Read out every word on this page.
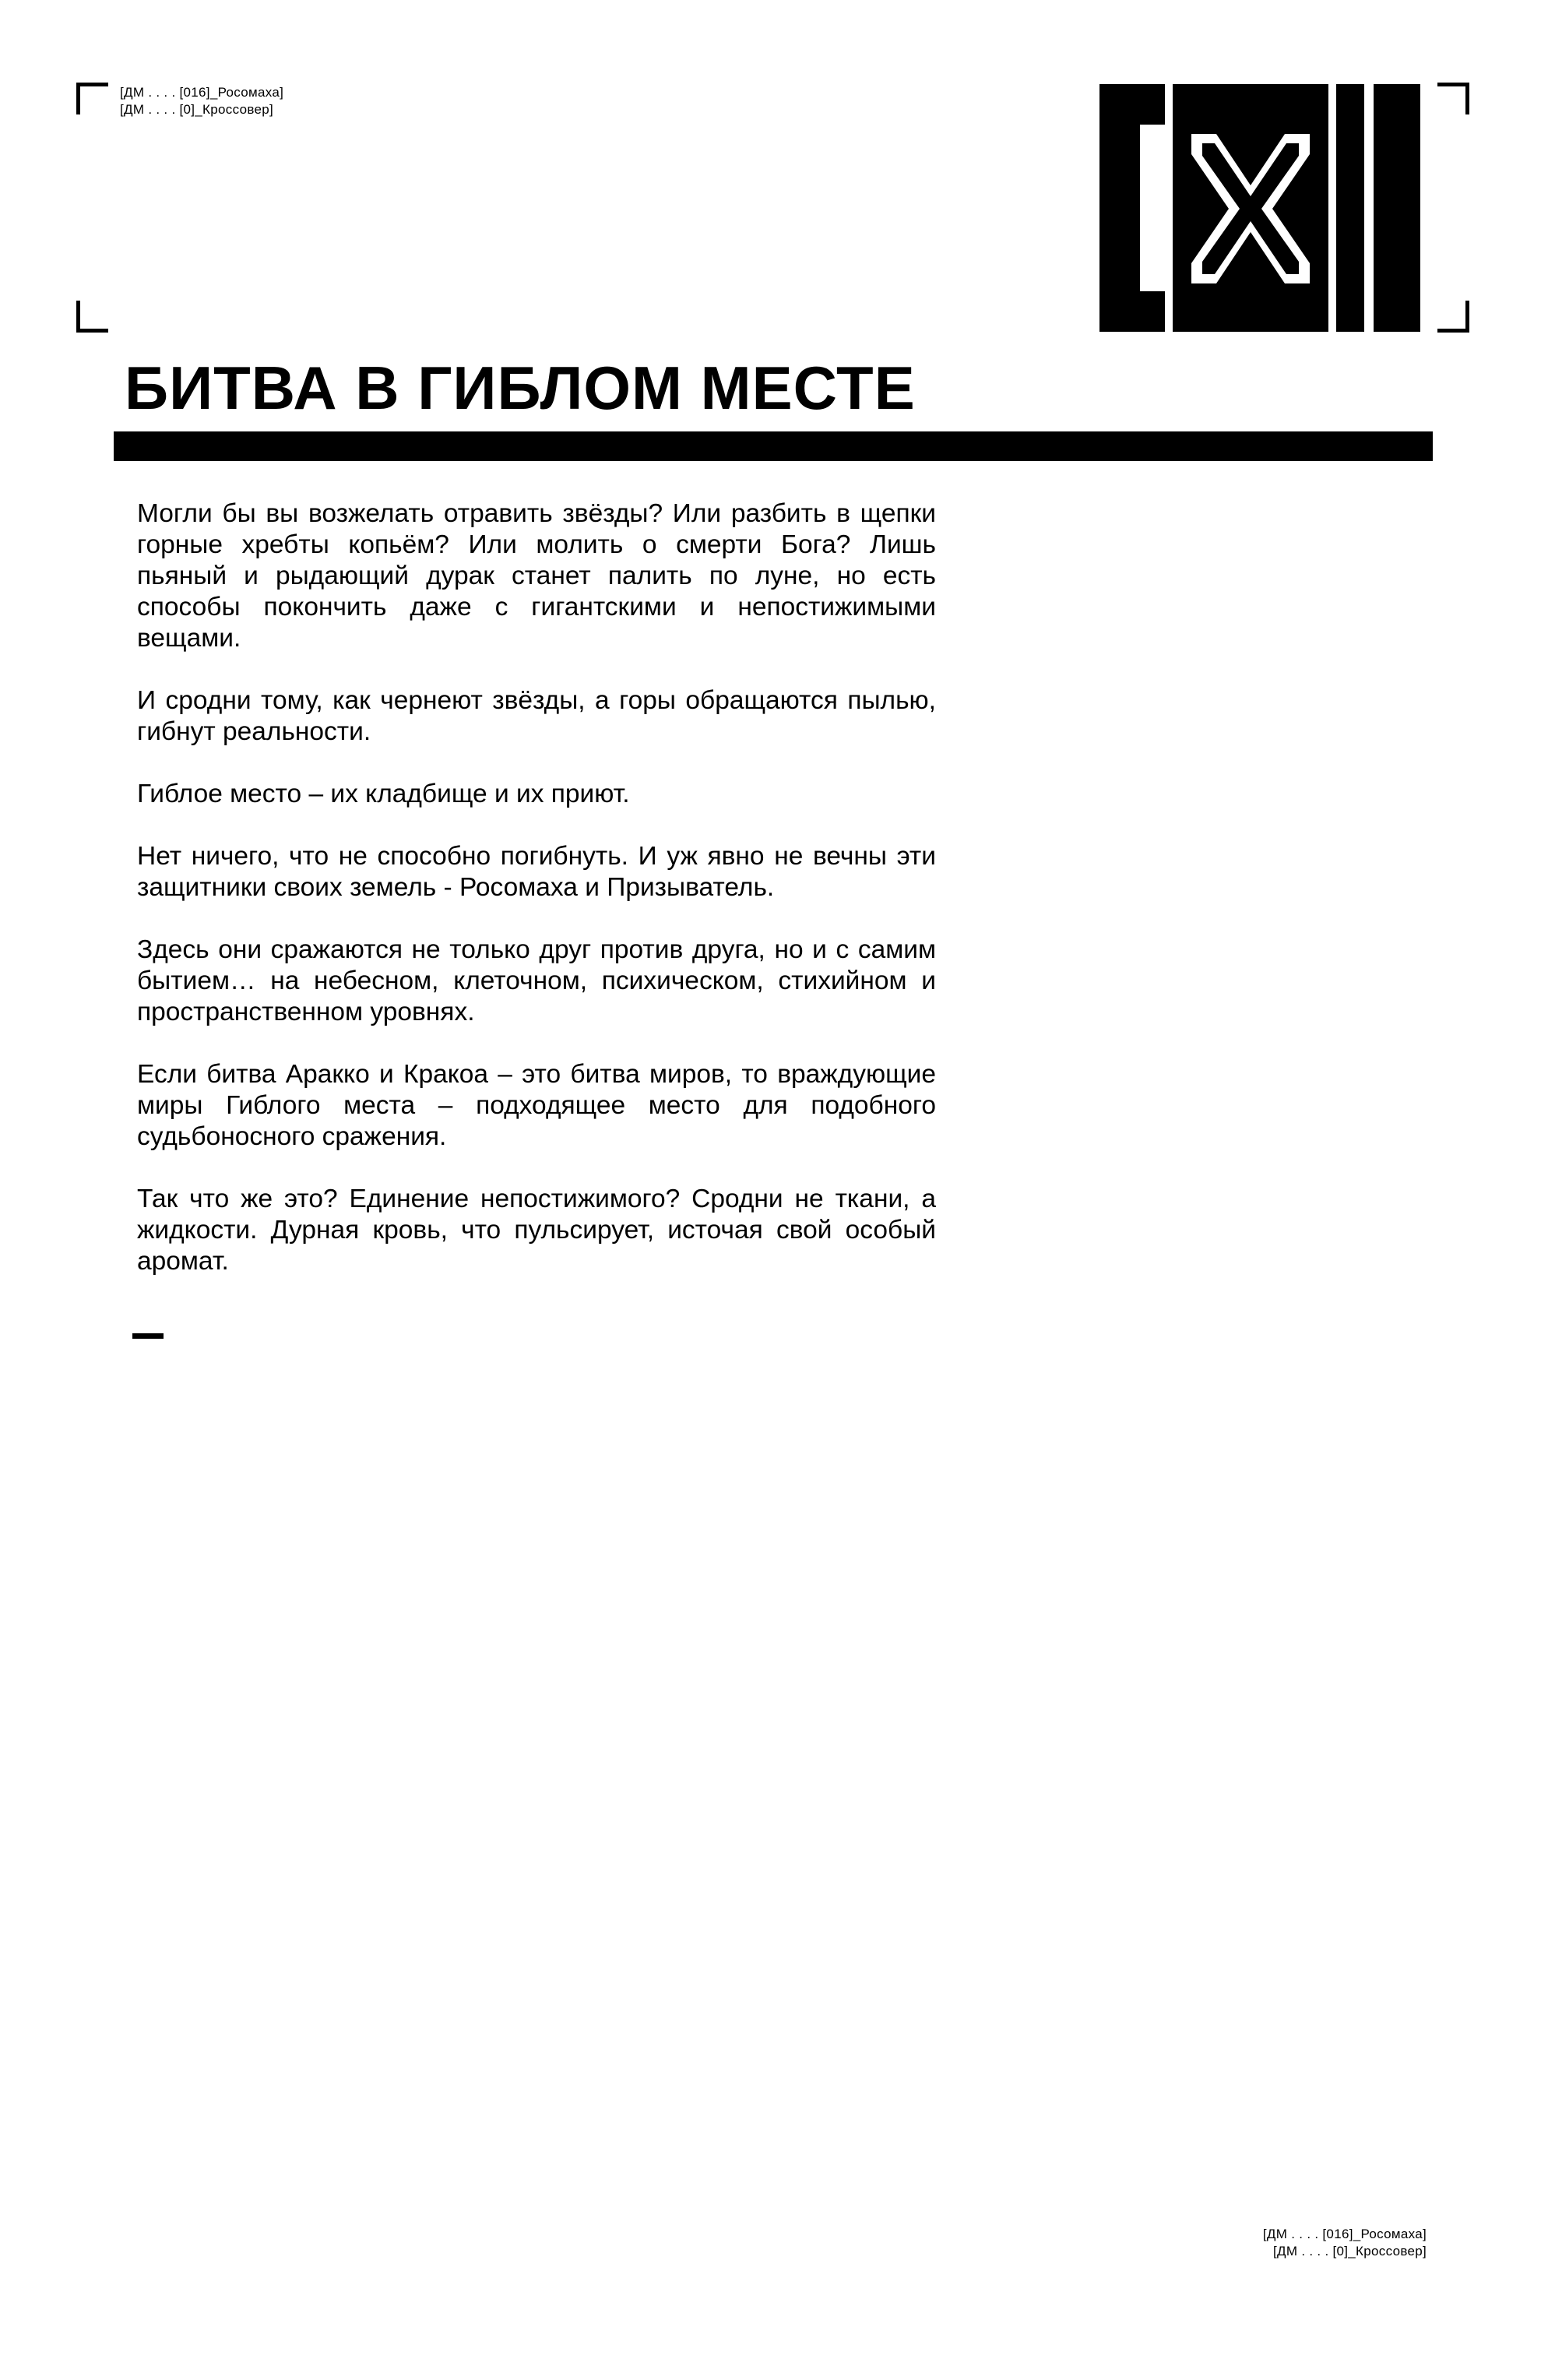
[ДМ . . . . [016]_Росомаха]
[ДМ . . . . [0]_Кроссовер]
БИТВА В ГИБЛОМ МЕСТЕ

Могли бы вы возжелать отравить звёзды? Или разбить в щепки горные хребты копьём? Или молить о смерти Бога? Лишь пьяный и рыдающий дурак станет палить по луне, но есть способы покончить даже с гигантскими и непостижимыми вещами.

И сродни тому, как чернеют звёзды, а горы обращаются пылью, гибнут реальности.

Гиблое место – их кладбище и их приют.

Нет ничего, что не способно погибнуть. И уж явно не вечны эти защитники своих земель - Росомаха и Призыватель.

Здесь они сражаются не только друг против друга, но и с самим бытием… на небесном, клеточном, психическом, стихийном и пространственном уровнях.

Если битва Аракко и Кракоа – это битва миров, то враждующие миры Гиблого места – подходящее место для подобного судьбоносного сражения.

Так что же это? Единение непостижимого? Сродни не ткани, а жидкости. Дурная кровь, что пульсирует, источая свой особый аромат.

[ДМ . . . . [016]_Росомаха]
[ДМ . . . . [0]_Кроссовер]
